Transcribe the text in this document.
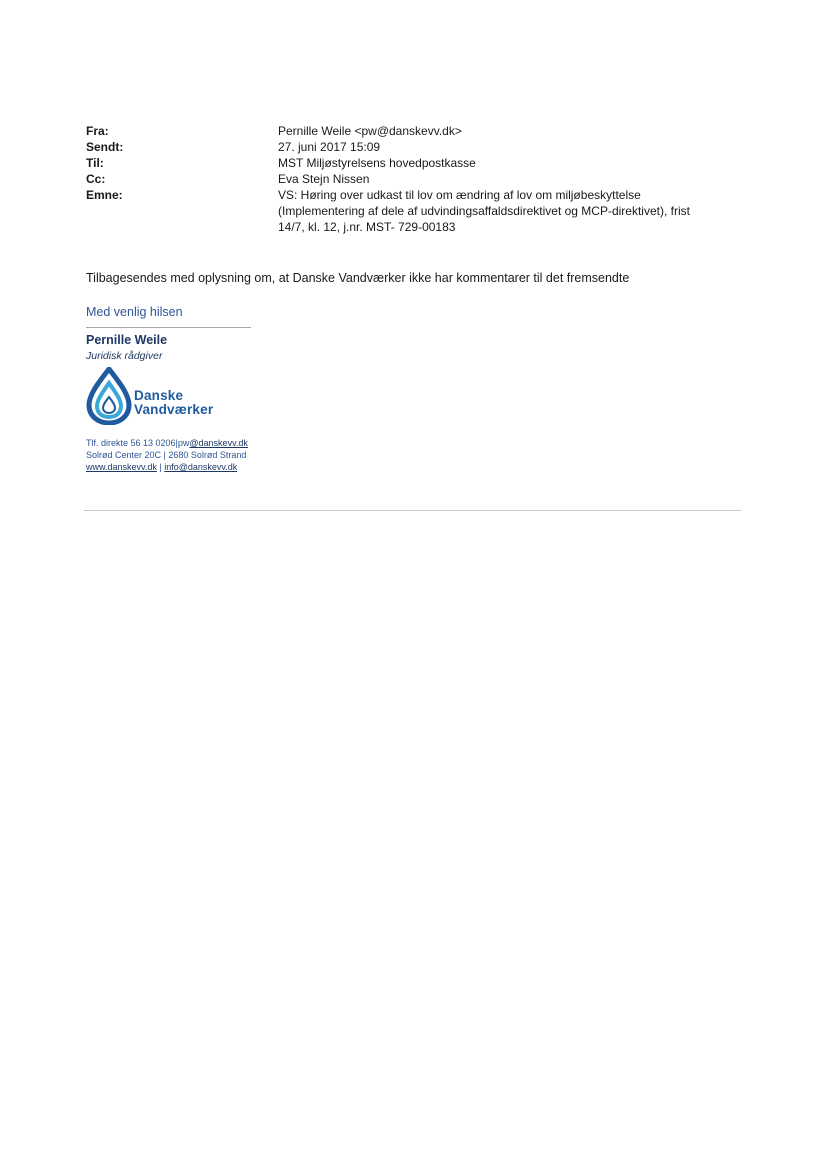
Fra:	Pernille Weile <pw@danskevv.dk>
Sendt:	27. juni 2017 15:09
Til:	MST Miljøstyrelsens hovedpostkasse
Cc:	Eva Stejn Nissen
Emne:	VS: Høring over udkast til lov om ændring af lov om miljøbeskyttelse
(Implementering af dele af udvindingsaffaldsdirektivet og MCP-direktivet), frist
14/7, kl. 12, j.nr. MST- 729-00183
Tilbagesendes med oplysning om, at Danske Vandværker ikke har kommentarer til det fremsendte
Med venlig hilsen
Pernille Weile
Juridisk rådgiver
Danske
Vandværker
Tlf. direkte 56 13 0206|pw@danskevv.dk
Solrød Center 20C | 2680 Solrød Strand
www.danskevv.dk | info@danskevv.dk
